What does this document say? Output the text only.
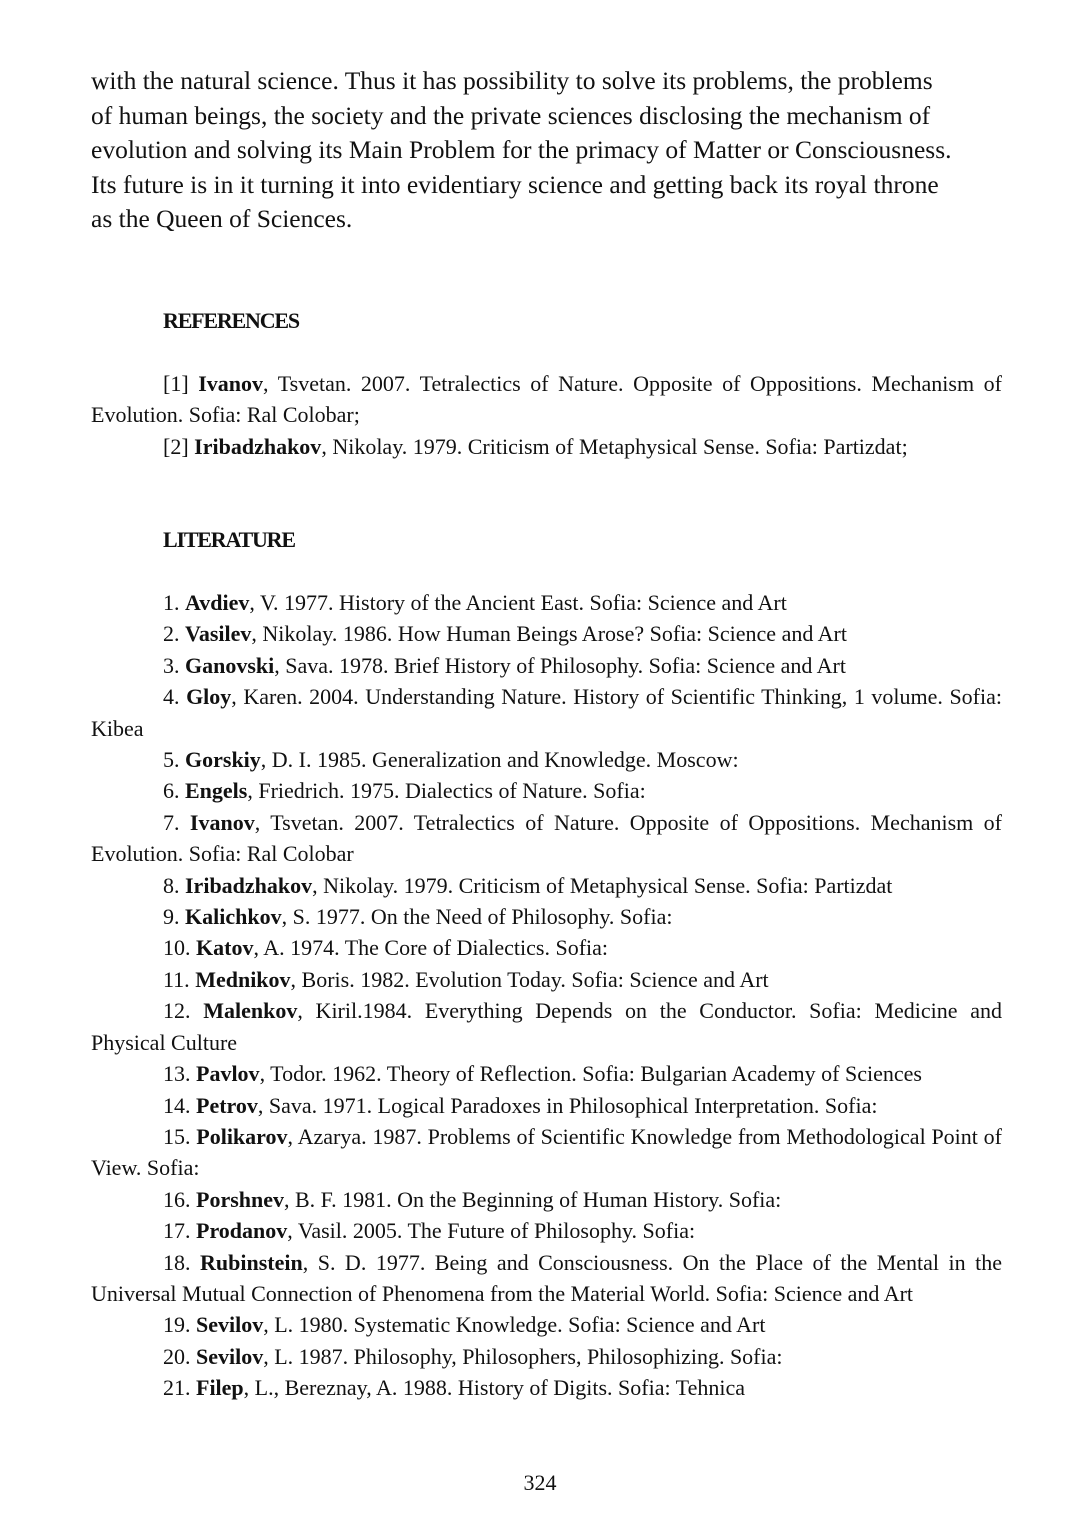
with the natural science. Thus it has possibility to solve its problems, the problems
of human beings, the society and the private sciences disclosing the mechanism of
evolution and solving its Main Problem for the primacy of Matter or Consciousness.
Its future is in it turning it into evidentiary science and getting back its royal throne
as the Queen of Sciences.
REFERENCES
[1] Ivanov, Tsvetan. 2007. Tetralectics of Nature. Opposite of Oppositions. Mechanism of Evolution. Sofia: Ral Colobar;
[2] Iribadzhakov, Nikolay. 1979. Criticism of Metaphysical Sense. Sofia: Partizdat;
LITERATURE
1. Avdiev, V. 1977. History of the Ancient East. Sofia: Science and Art
2. Vasilev, Nikolay. 1986. How Human Beings Arose? Sofia: Science and Art
3. Ganovski, Sava. 1978. Brief History of Philosophy. Sofia: Science and Art
4. Gloy, Karen. 2004. Understanding Nature. History of Scientific Thinking, 1 volume. Sofia: Kibea
5. Gorskiy, D. I. 1985. Generalization and Knowledge. Moscow:
6. Engels, Friedrich. 1975. Dialectics of Nature. Sofia:
7. Ivanov, Tsvetan. 2007. Tetralectics of Nature. Opposite of Oppositions. Mechanism of Evolution. Sofia: Ral Colobar
8. Iribadzhakov, Nikolay. 1979. Criticism of Metaphysical Sense. Sofia: Partizdat
9. Kalichkov, S. 1977. On the Need of Philosophy. Sofia:
10. Katov, A. 1974. The Core of Dialectics. Sofia:
11. Mednikov, Boris. 1982. Evolution Today. Sofia: Science and Art
12. Malenkov, Kiril.1984. Everything Depends on the Conductor. Sofia: Medicine and Physical Culture
13. Pavlov, Todor. 1962. Theory of Reflection. Sofia: Bulgarian Academy of Sciences
14. Petrov, Sava. 1971. Logical Paradoxes in Philosophical Interpretation. Sofia:
15. Polikarov, Azarya. 1987. Problems of Scientific Knowledge from Methodological Point of View. Sofia:
16. Porshnev, B. F. 1981. On the Beginning of Human History. Sofia:
17. Prodanov, Vasil. 2005. The Future of Philosophy. Sofia:
18. Rubinstein, S. D. 1977. Being and Consciousness. On the Place of the Mental in the Universal Mutual Connection of Phenomena from the Material World. Sofia: Science and Art
19. Sevilov, L. 1980. Systematic Knowledge. Sofia: Science and Art
20. Sevilov, L. 1987. Philosophy, Philosophers, Philosophizing. Sofia:
21. Filep, L., Bereznay, A. 1988. History of Digits. Sofia: Tehnica
324
